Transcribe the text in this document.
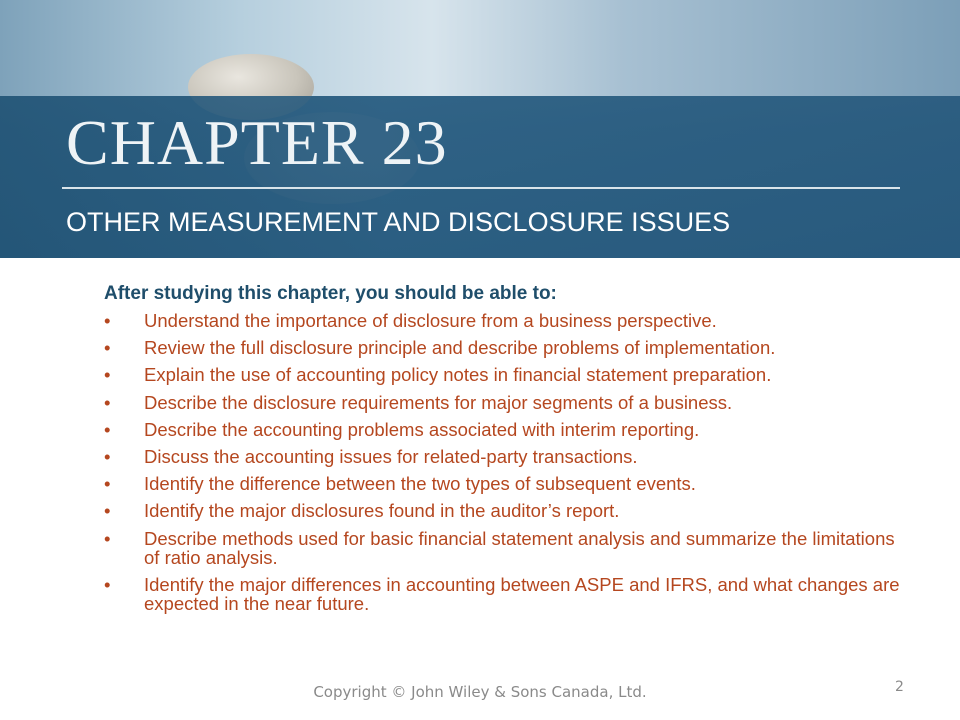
CHAPTER 23
OTHER MEASUREMENT AND DISCLOSURE ISSUES

After studying this chapter, you should be able to:

• Understand the importance of disclosure from a business perspective.
• Review the full disclosure principle and describe problems of implementation.
• Explain the use of accounting policy notes in financial statement preparation.
• Describe the disclosure requirements for major segments of a business.
• Describe the accounting problems associated with interim reporting.
• Discuss the accounting issues for related-party transactions.
• Identify the difference between the two types of subsequent events.
• Identify the major disclosures found in the auditor’s report.
• Describe methods used for basic financial statement analysis and summarize the limitations of ratio analysis.
• Identify the major differences in accounting between ASPE and IFRS, and what changes are expected in the near future.
Copyright © John Wiley & Sons Canada, Ltd.	2
